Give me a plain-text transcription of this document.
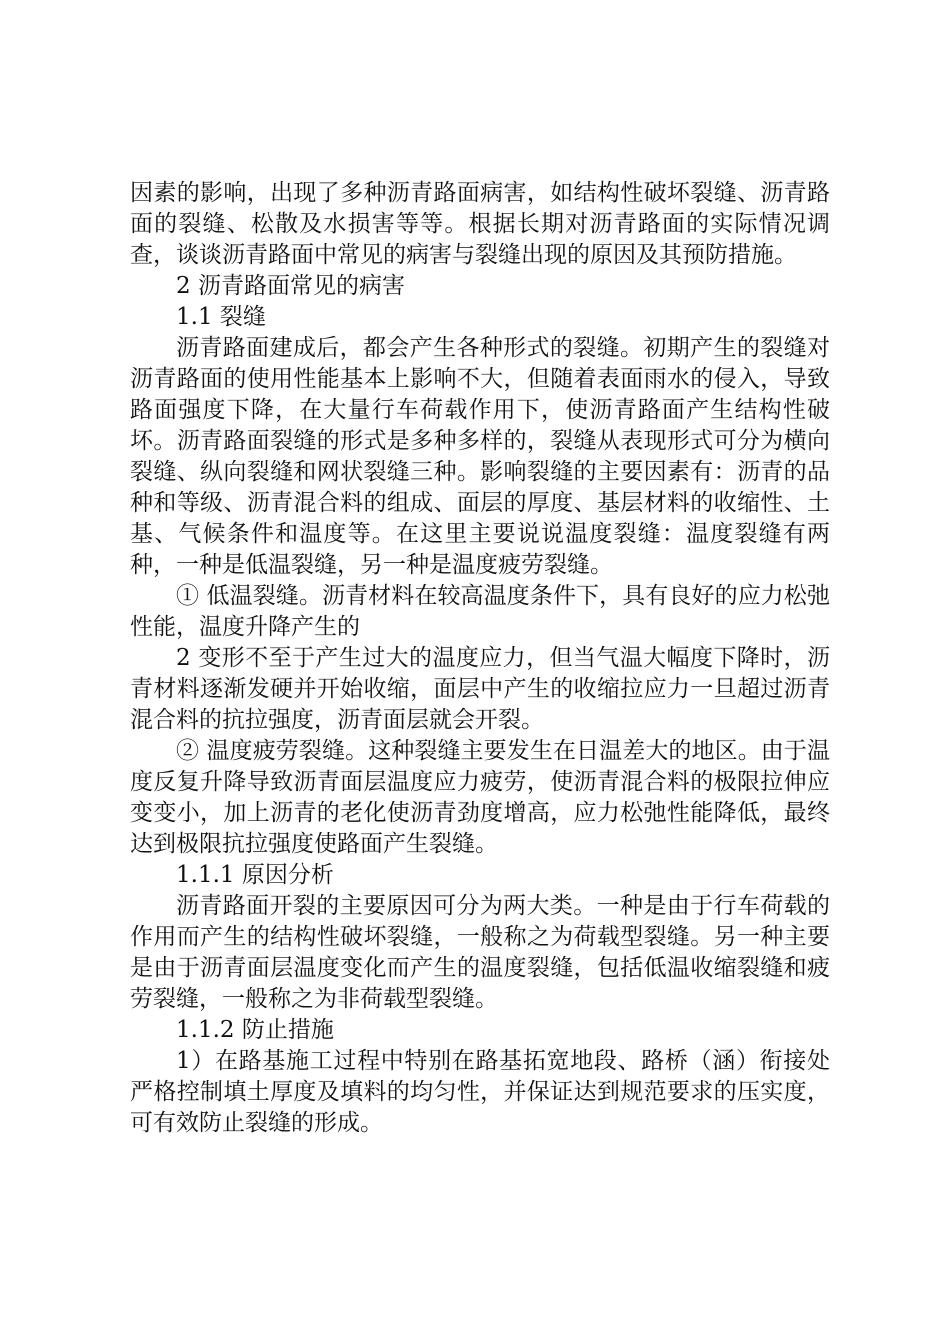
因素的影响，出现了多种沥青路面病害，如结构性破坏裂缝、沥青路面的裂缝、松散及水损害等等。根据长期对沥青路面的实际情况调查，谈谈沥青路面中常见的病害与裂缝出现的原因及其预防措施。

2 沥青路面常见的病害

1.1 裂缝

沥青路面建成后，都会产生各种形式的裂缝。初期产生的裂缝对沥青路面的使用性能基本上影响不大，但随着表面雨水的侵入，导致路面强度下降，在大量行车荷载作用下，使沥青路面产生结构性破坏。沥青路面裂缝的形式是多种多样的，裂缝从表现形式可分为横向裂缝、纵向裂缝和网状裂缝三种。影响裂缝的主要因素有：沥青的品种和等级、沥青混合料的组成、面层的厚度、基层材料的收缩性、土基、气候条件和温度等。在这里主要说说温度裂缝：温度裂缝有两种，一种是低温裂缝，另一种是温度疲劳裂缝。

① 低温裂缝。沥青材料在较高温度条件下，具有良好的应力松弛性能，温度升降产生的

2 变形不至于产生过大的温度应力，但当气温大幅度下降时，沥青材料逐渐发硬并开始收缩，面层中产生的收缩拉应力一旦超过沥青混合料的抗拉强度，沥青面层就会开裂。

② 温度疲劳裂缝。这种裂缝主要发生在日温差大的地区。由于温度反复升降导致沥青面层温度应力疲劳，使沥青混合料的极限拉伸应变变小，加上沥青的老化使沥青劲度增高，应力松弛性能降低，最终达到极限抗拉强度使路面产生裂缝。

1.1.1 原因分析

沥青路面开裂的主要原因可分为两大类。一种是由于行车荷载的作用而产生的结构性破坏裂缝，一般称之为荷载型裂缝。另一种主要是由于沥青面层温度变化而产生的温度裂缝，包括低温收缩裂缝和疲劳裂缝，一般称之为非荷载型裂缝。

1.1.2 防止措施

1）在路基施工过程中特别在路基拓宽地段、路桥（涵）衔接处严格控制填土厚度及填料的均匀性，并保证达到规范要求的压实度，可有效防止裂缝的形成。
